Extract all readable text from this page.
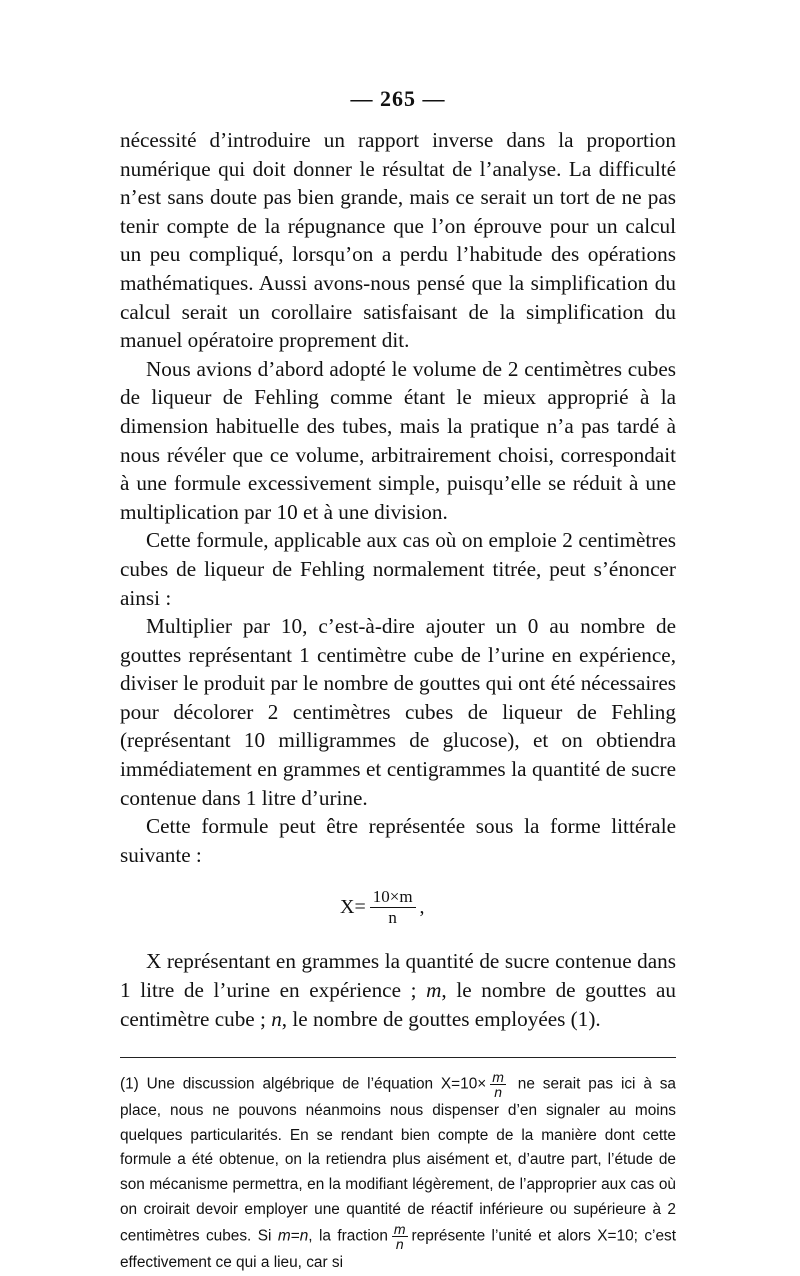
— 265 —

nécessité d’introduire un rapport inverse dans la proportion numérique qui doit donner le résultat de l’analyse. La difficulté n’est sans doute pas bien grande, mais ce serait un tort de ne pas tenir compte de la répugnance que l’on éprouve pour un calcul un peu compliqué, lorsqu’on a perdu l’habitude des opérations mathématiques. Aussi avons-nous pensé que la simplification du calcul serait un corollaire satisfaisant de la simplification du manuel opératoire proprement dit.

Nous avions d’abord adopté le volume de 2 centimètres cubes de liqueur de Fehling comme étant le mieux approprié à la dimension habituelle des tubes, mais la pratique n’a pas tardé à nous révéler que ce volume, arbitrairement choisi, correspondait à une formule excessivement simple, puisqu’elle se réduit à une multiplication par 10 et à une division.

Cette formule, applicable aux cas où on emploie 2 centimètres cubes de liqueur de Fehling normalement titrée, peut s’énoncer ainsi :

Multiplier par 10, c’est-à-dire ajouter un 0 au nombre de gouttes représentant 1 centimètre cube de l’urine en expérience, diviser le produit par le nombre de gouttes qui ont été nécessaires pour décolorer 2 centimètres cubes de liqueur de Fehling (représentant 10 milligrammes de glucose), et on obtiendra immédiatement en grammes et centigrammes la quantité de sucre contenue dans 1 litre d’urine.

Cette formule peut être représentée sous la forme littérale suivante :

$X= \frac{10\times m}{n}$ ,

X représentant en grammes la quantité de sucre contenue dans 1 litre de l’urine en expérience ; m, le nombre de gouttes au centimètre cube ; n, le nombre de gouttes employées (1).

(1) Une discussion algébrique de l’équation $X=10\times \frac{m}{n}$ ne serait pas ici à sa place, nous ne pouvons néanmoins nous dispenser d’en signaler au moins quelques particularités. En se rendant bien compte de la manière dont cette formule a été obtenue, on la retiendra plus aisément et, d’autre part, l’étude de son mécanisme permettra, en la modifiant légèrement, de l’approprier aux cas où on croirait devoir employer une quantité de réactif inférieure ou supérieure à 2 centimètres cubes. Si m=n, la fraction $\frac{m}{n}$ représente l’unité et alors X=10; c’est effectivement ce qui a lieu, car si
